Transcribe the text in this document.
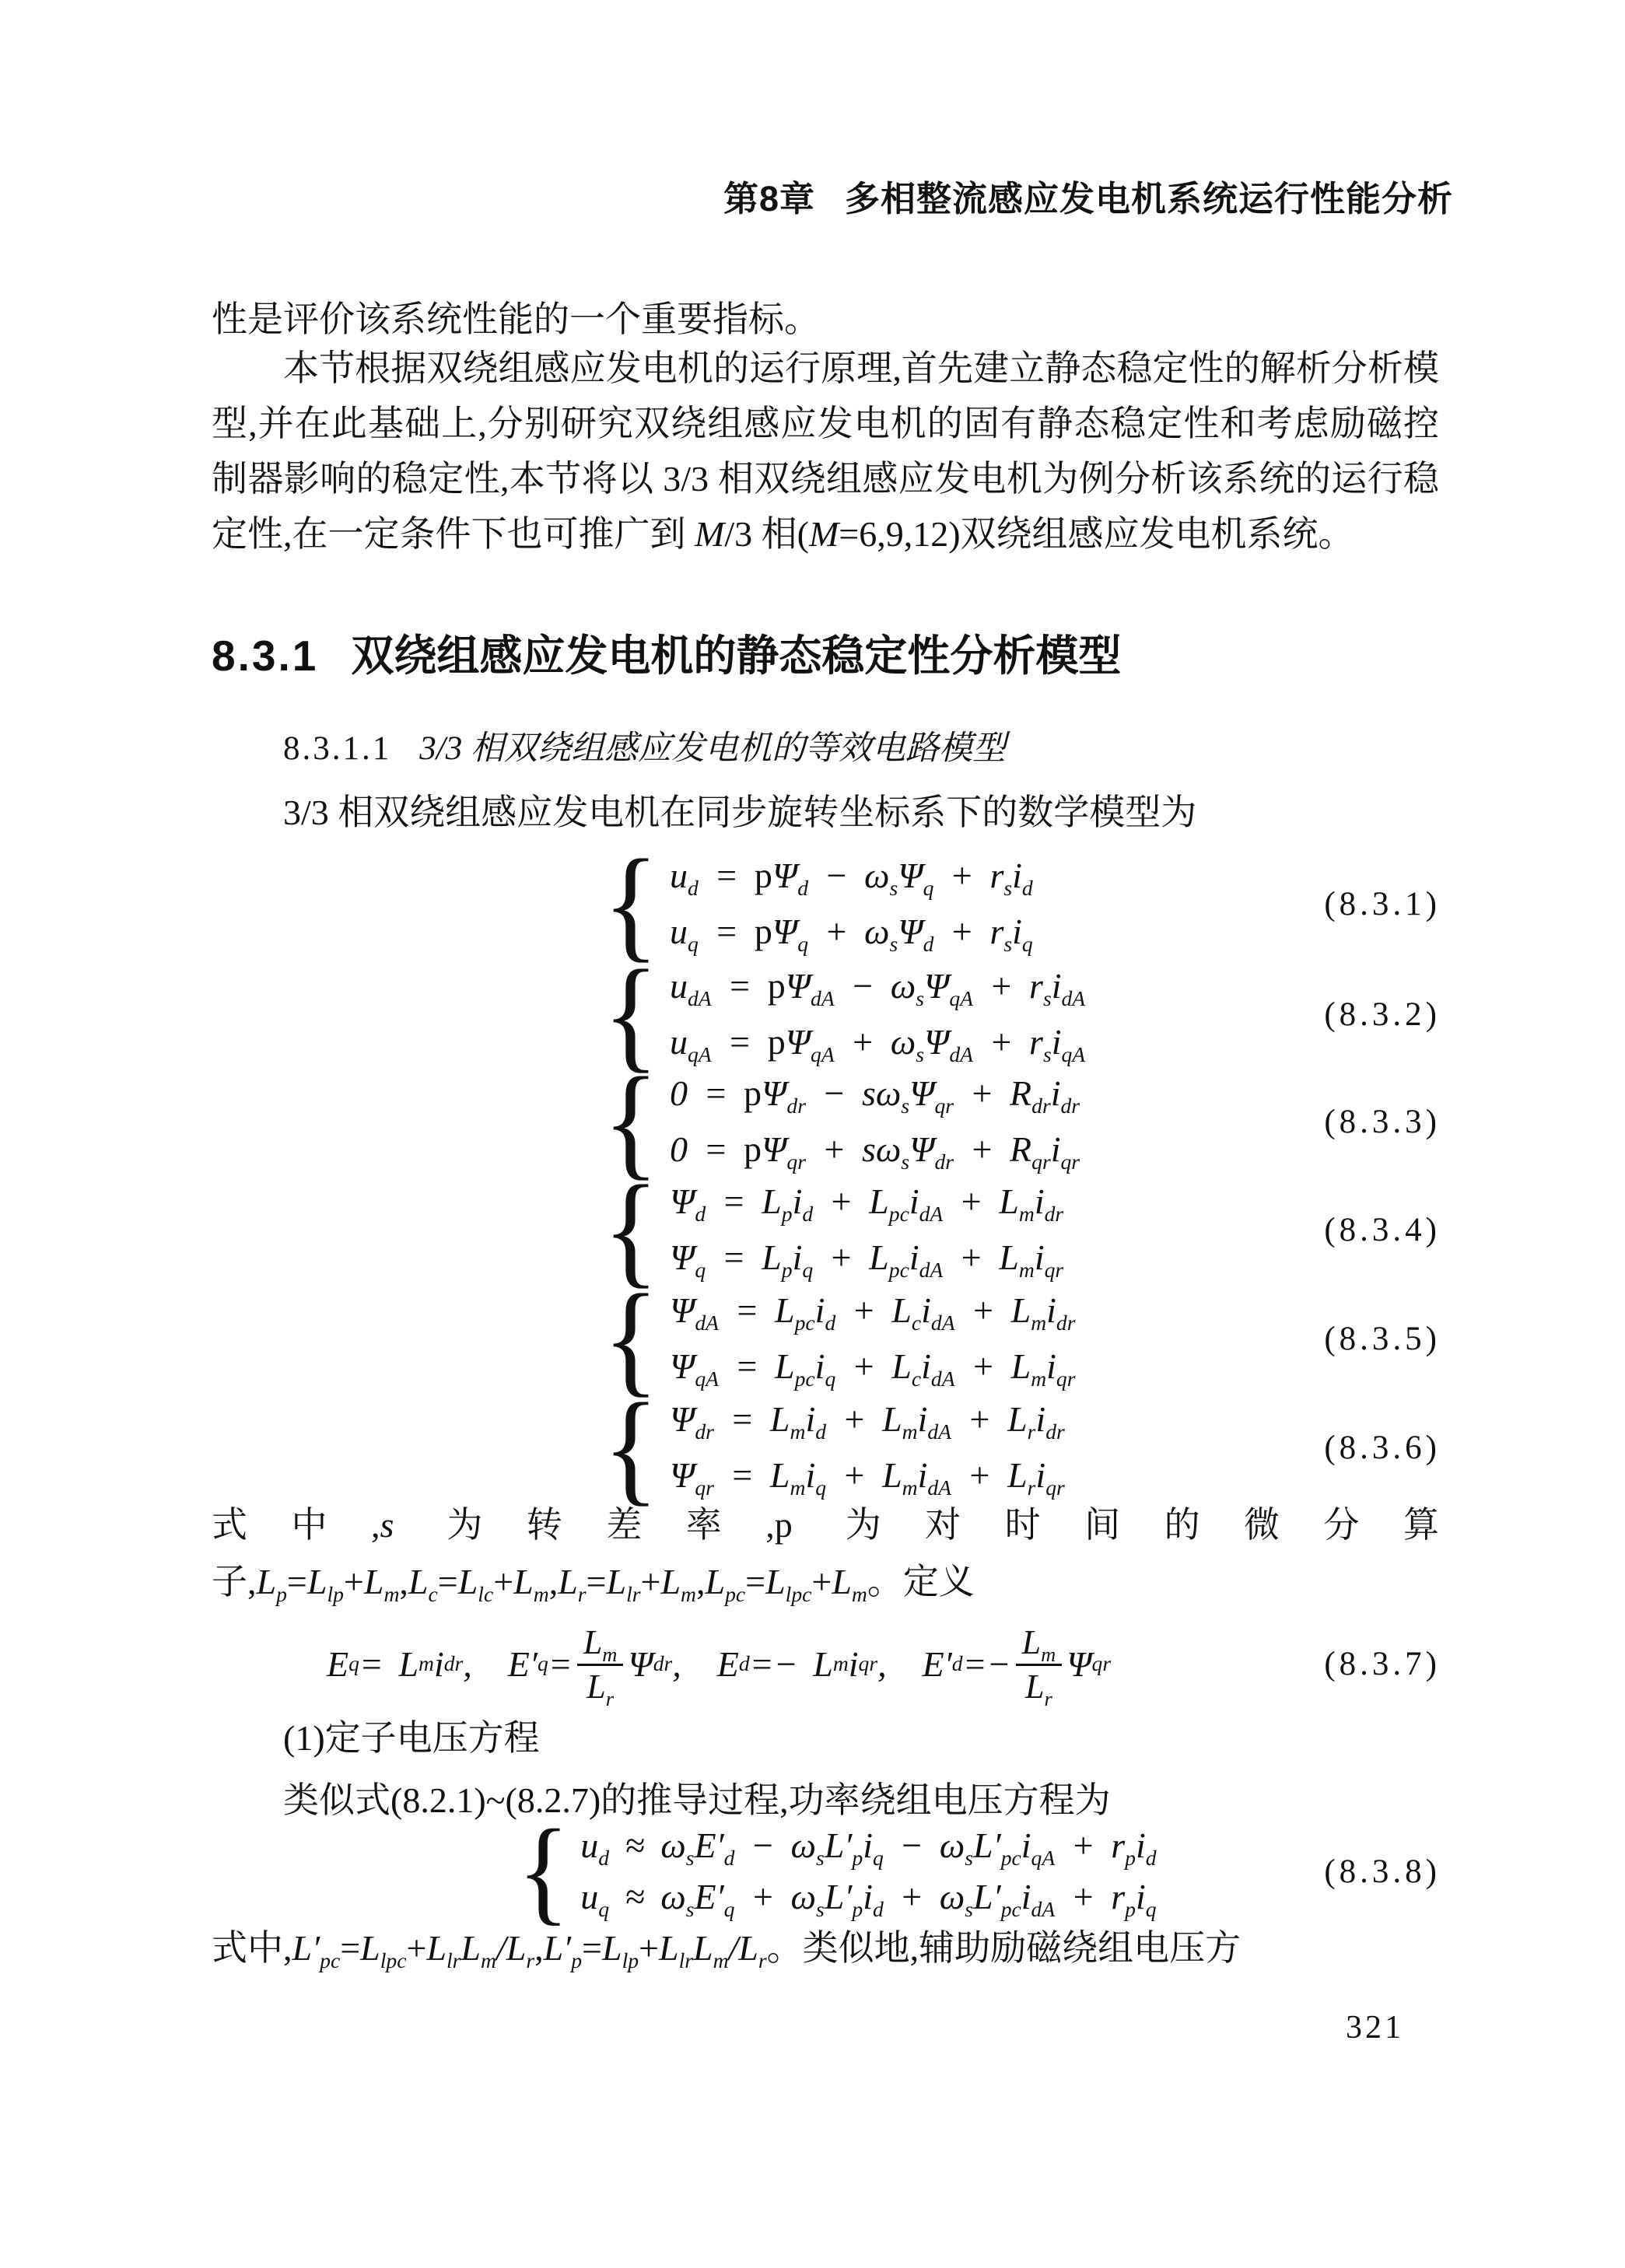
第8章 多相整流感应发电机系统运行性能分析
性是评价该系统性能的一个重要指标。
本节根据双绕组感应发电机的运行原理,首先建立静态稳定性的解析分析模型,并在此基础上,分别研究双绕组感应发电机的固有静态稳定性和考虑励磁控制器影响的稳定性,本节将以 3/3 相双绕组感应发电机为例分析该系统的运行稳定性,在一定条件下也可推广到 M/3 相(M=6,9,12)双绕组感应发电机系统。
8.3.1 双绕组感应发电机的静态稳定性分析模型
8.3.1.1 3/3 相双绕组感应发电机的等效电路模型
3/3 相双绕组感应发电机在同步旋转坐标系下的数学模型为
{ $u_d = p\Psi_d - \omega_s\Psi_q + r_si_d$
$u_q = p\Psi_q + \omega_s\Psi_d + r_si_q$
(8.3.1)
{ $u_{dA} = p\Psi_{dA} - \omega_s\Psi_{qA} + r_si_{dA}$
$u_{qA} = p\Psi_{qA} + \omega_s\Psi_{dA} + r_si_{qA}$
(8.3.2)
{ $0 = p\Psi_{dr} - s\omega_s\Psi_{qr} + R_{dr}i_{dr}$
$0 = p\Psi_{qr} + s\omega_s\Psi_{dr} + R_{qr}i_{qr}$
(8.3.3)
{ $\Psi_d = L_pi_d + L_{pc}i_{dA} + L_mi_{dr}$
$\Psi_q = L_pi_q + L_{pc}i_{dA} + L_mi_{qr}$
(8.3.4)
{ $\Psi_{dA} = L_{pc}i_d + L_ci_{dA} + L_mi_{dr}$
$\Psi_{qA} = L_{pc}i_q + L_ci_{dA} + L_mi_{qr}$
(8.3.5)
{ $\Psi_{dr} = L_mi_d + L_mi_{dA} + L_ri_{dr}$
$\Psi_{qr} = L_mi_q + L_mi_{dA} + L_ri_{qr}$
(8.3.6)
{ $u_d \approx \omega_sE'_d - \omega_sL'_pi_q - \omega_sL'_{pc}i_{qA} + r_pi_d$
$u_q \approx \omega_sE'_q + \omega_sL'_pi_d + \omega_sL'_{pc}i_{dA} + r_pi_q$
(8.3.8)
式中,s 为转差率,p 为对时间的微分算子$,L_p=L_{lp}+L_m,L_c=L_{lc}+L_m,L_r=L_{lr}+L_m,L_{pc}=L_{lpc}+L_m$。定义
E q = L m i dr , E′ $q = \frac{L_m}{L_r}$ Ψ dr , E d =− L m i qr , E′ $d =- \frac{L_m}{L_r}$ Ψ qr	(8.3.7)
(1)定子电压方程
类似式(8.2.1)~(8.2.7)的推导过程,功率绕组电压方程为
式中$,L'_{pc}=L_{lpc}+L_{lr}L_m/L_r,L'_p=L_{lp}+L_{lr}L_m/L_r$。类似地,辅助励磁绕组电压方
321
